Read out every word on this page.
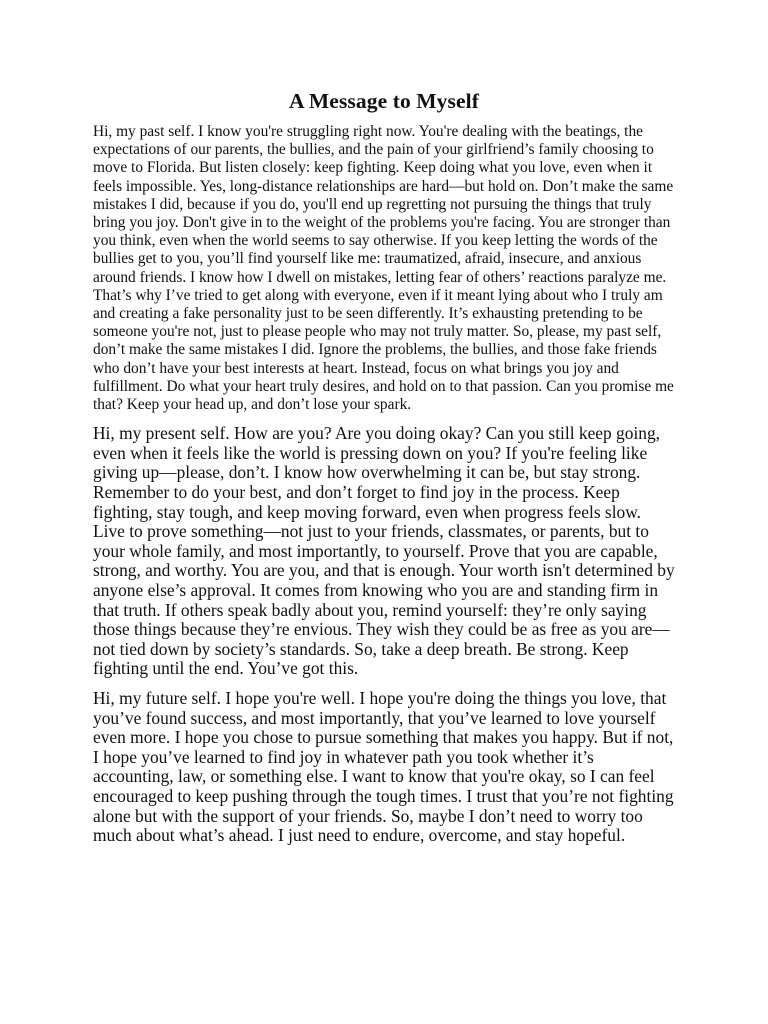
A Message to Myself

Hi, my past self. I know you're struggling right now. You're dealing with the beatings, the expectations of our parents, the bullies, and the pain of your girlfriend’s family choosing to move to Florida. But listen closely: keep fighting. Keep doing what you love, even when it feels impossible. Yes, long-distance relationships are hard—but hold on. Don’t make the same mistakes I did, because if you do, you'll end up regretting not pursuing the things that truly bring you joy. Don't give in to the weight of the problems you're facing. You are stronger than you think, even when the world seems to say otherwise. If you keep letting the words of the bullies get to you, you’ll find yourself like me: traumatized, afraid, insecure, and anxious around friends. I know how I dwell on mistakes, letting fear of others’ reactions paralyze me. That’s why I’ve tried to get along with everyone, even if it meant lying about who I truly am and creating a fake personality just to be seen differently. It’s exhausting pretending to be someone you're not, just to please people who may not truly matter. So, please, my past self, don’t make the same mistakes I did. Ignore the problems, the bullies, and those fake friends who don’t have your best interests at heart. Instead, focus on what brings you joy and fulfillment. Do what your heart truly desires, and hold on to that passion. Can you promise me that? Keep your head up, and don’t lose your spark.

Hi, my present self. How are you? Are you doing okay? Can you still keep going, even when it feels like the world is pressing down on you? If you're feeling like giving up—please, don’t. I know how overwhelming it can be, but stay strong. Remember to do your best, and don’t forget to find joy in the process. Keep fighting, stay tough, and keep moving forward, even when progress feels slow. Live to prove something—not just to your friends, classmates, or parents, but to your whole family, and most importantly, to yourself. Prove that you are capable, strong, and worthy. You are you, and that is enough. Your worth isn't determined by anyone else’s approval. It comes from knowing who you are and standing firm in that truth. If others speak badly about you, remind yourself: they’re only saying those things because they’re envious. They wish they could be as free as you are—not tied down by society’s standards. So, take a deep breath. Be strong. Keep fighting until the end. You’ve got this.

Hi, my future self. I hope you're well. I hope you're doing the things you love, that you’ve found success, and most importantly, that you’ve learned to love yourself even more. I hope you chose to pursue something that makes you happy. But if not, I hope you’ve learned to find joy in whatever path you took whether it’s accounting, law, or something else. I want to know that you're okay, so I can feel encouraged to keep pushing through the tough times. I trust that you’re not fighting alone but with the support of your friends. So, maybe I don’t need to worry too much about what’s ahead. I just need to endure, overcome, and stay hopeful.
